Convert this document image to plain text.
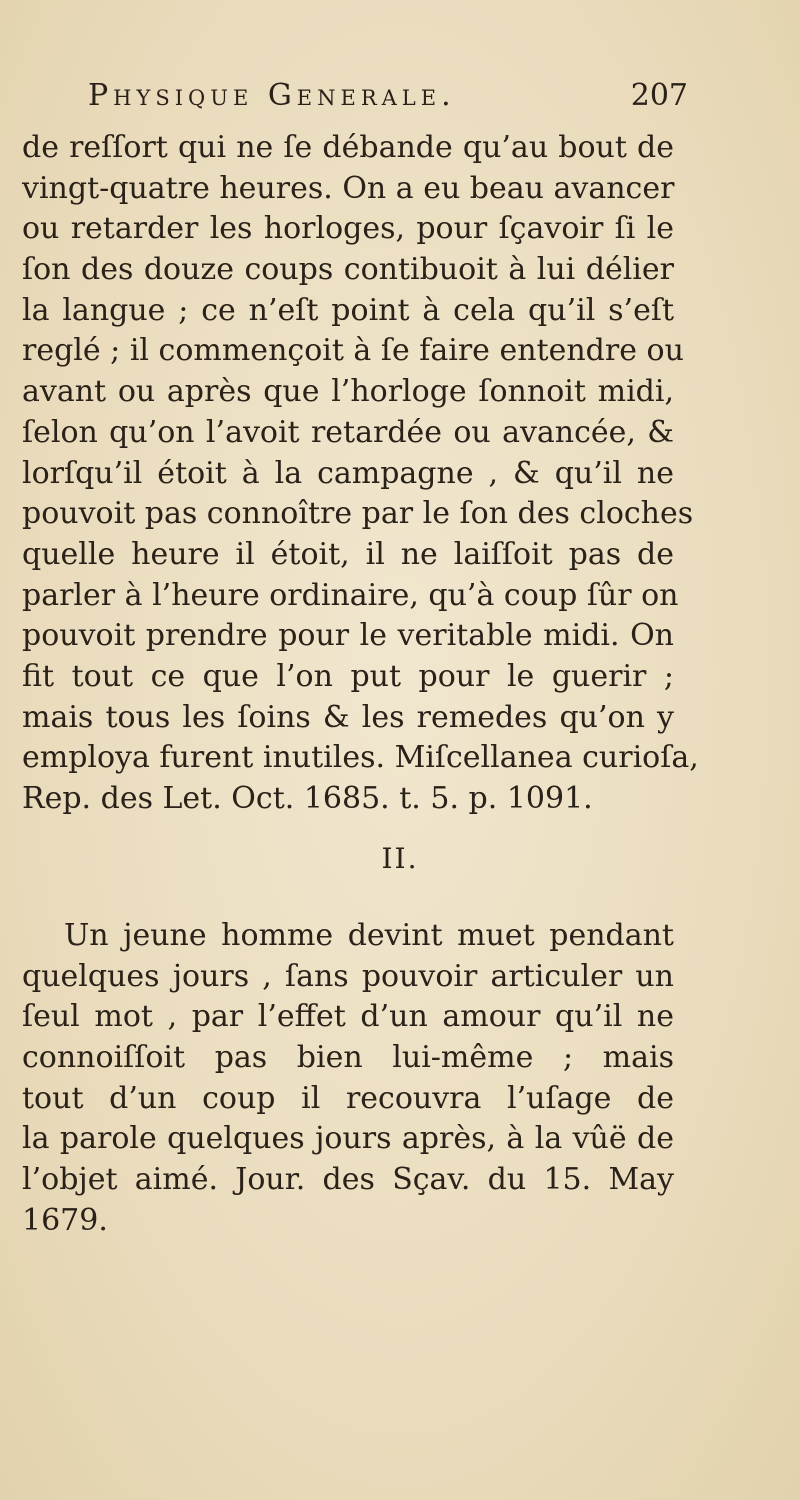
Physique Generale.	207
de reſſort qui ne ſe débande qu’au bout de
vingt-quatre heures. On a eu beau avancer
ou retarder les horloges, pour ſçavoir ſi le
ſon des douze coups contibuoit à lui délier
la langue ; ce n’eſt point à cela qu’il s’eſt
reglé ; il commençoit à ſe faire entendre ou
avant ou après que l’horloge ſonnoit midi,
ſelon qu’on l’avoit retardée ou avancée, &
lorſqu’il étoit à la campagne , & qu’il ne
pouvoit pas connoître par le ſon des cloches
quelle heure il étoit, il ne laiſſoit pas de
parler à l’heure ordinaire, qu’à coup ſûr on
pouvoit prendre pour le veritable midi. On
fit tout ce que l’on put pour le guerir ;
mais tous les ſoins & les remedes qu’on y
employa furent inutiles. Miſcellanea curioſa,
Rep. des Let. Oct. 1685. t. 5. p. 1091.
II.
Un jeune homme devint muet pendant
quelques jours , ſans pouvoir articuler un
ſeul mot , par l’effet d’un amour qu’il ne
connoiſſoit pas bien lui-même ; mais
tout d’un coup il recouvra l’uſage de
la parole quelques jours après, à la vûë de
l’objet aimé. Jour. des Sçav. du 15. May
1679.
